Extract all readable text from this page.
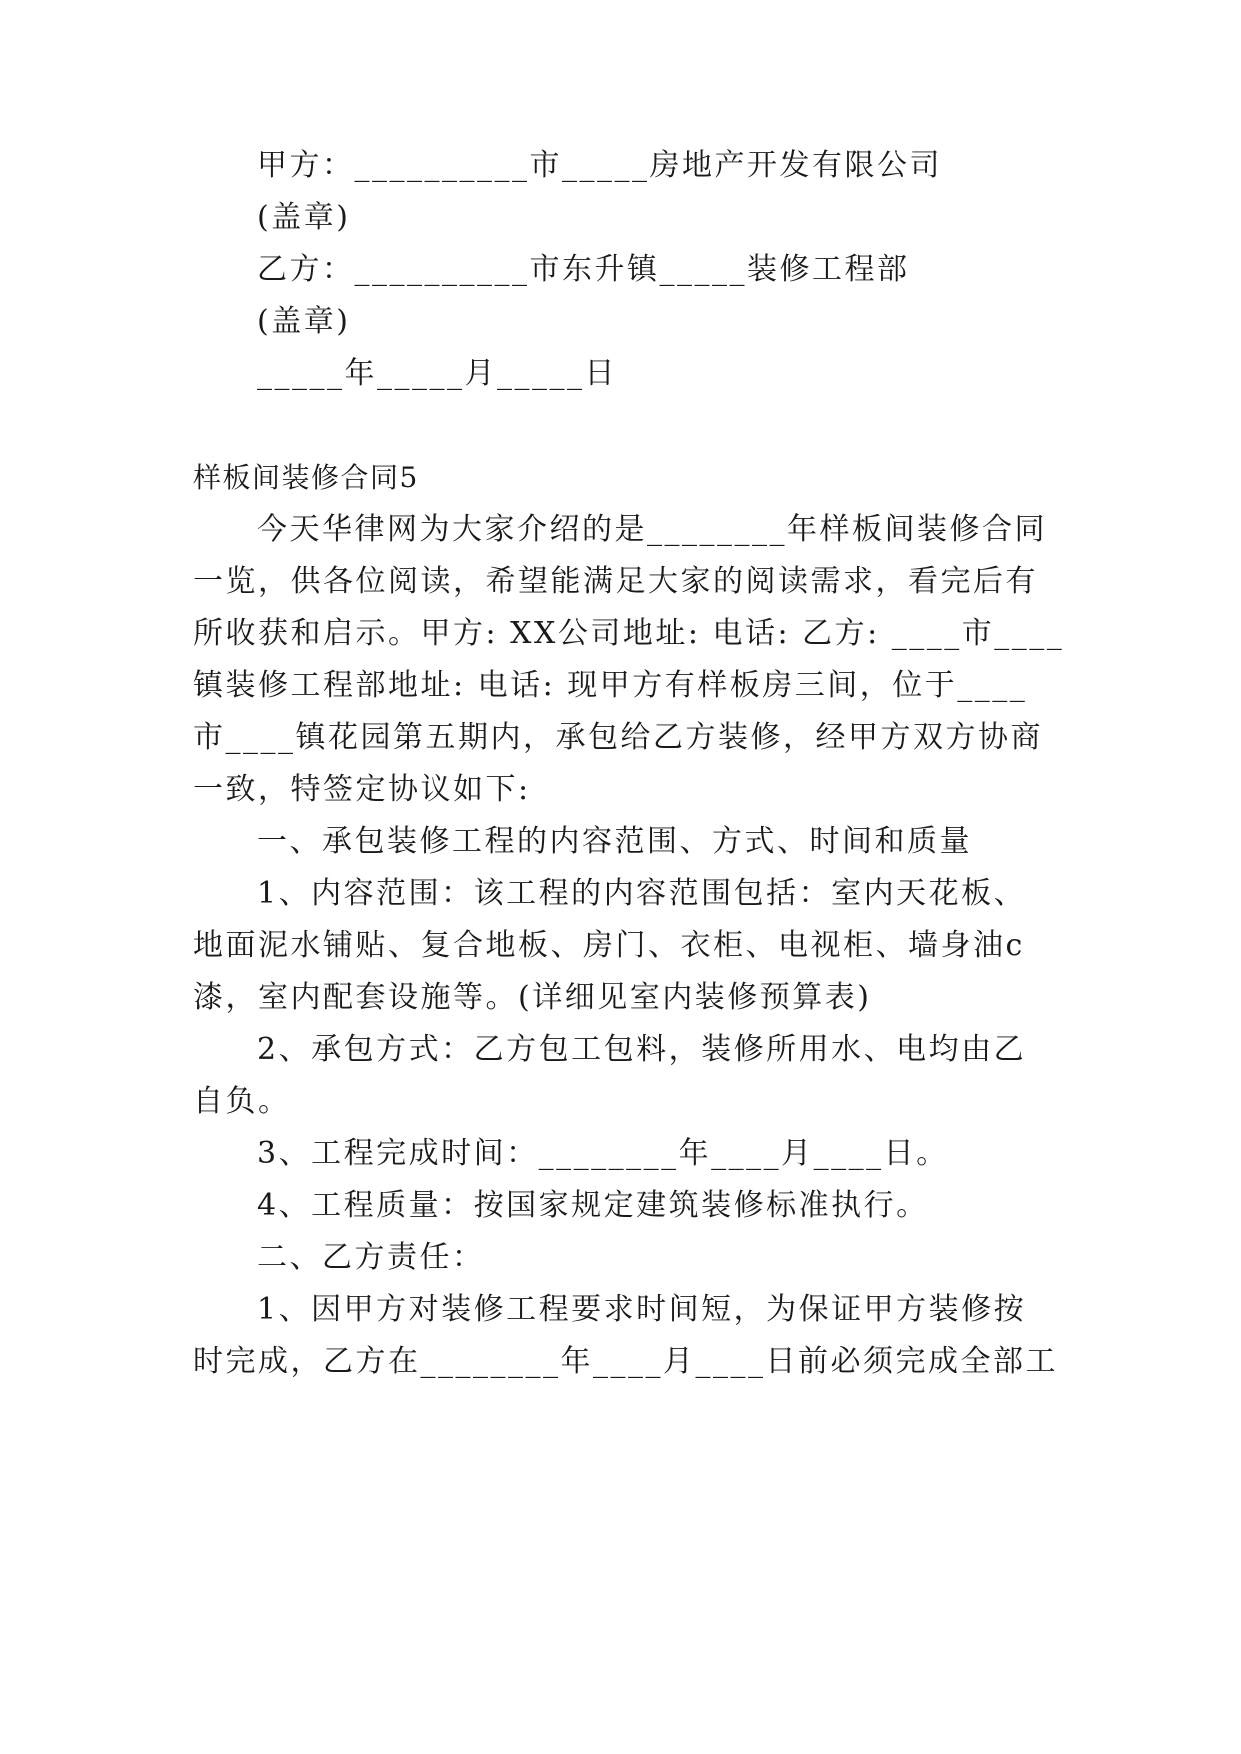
甲方：__________市_____房地产开发有限公司
(盖章)
乙方：__________市东升镇_____装修工程部
(盖章)
_____年_____月_____日
样板间装修合同5
今天华律网为大家介绍的是________年样板间装修合同
一览，供各位阅读，希望能满足大家的阅读需求，看完后有
所收获和启示。甲方: XX公司地址: 电话: 乙方: ____市____
镇装修工程部地址: 电话: 现甲方有样板房三间，位于____
市____镇花园第五期内，承包给乙方装修，经甲方双方协商
一致，特签定协议如下:
一、承包装修工程的内容范围、方式、时间和质量
1、内容范围：该工程的内容范围包括：室内天花板、
地面泥水铺贴、复合地板、房门、衣柜、电视柜、墙身油c
漆，室内配套设施等。(详细见室内装修预算表)
2、承包方式：乙方包工包料，装修所用水、电均由乙
自负。
3、工程完成时间：________年____月____日。
4、工程质量：按国家规定建筑装修标准执行。
二、乙方责任：
1、因甲方对装修工程要求时间短，为保证甲方装修按
时完成，乙方在________年____月____日前必须完成全部工
